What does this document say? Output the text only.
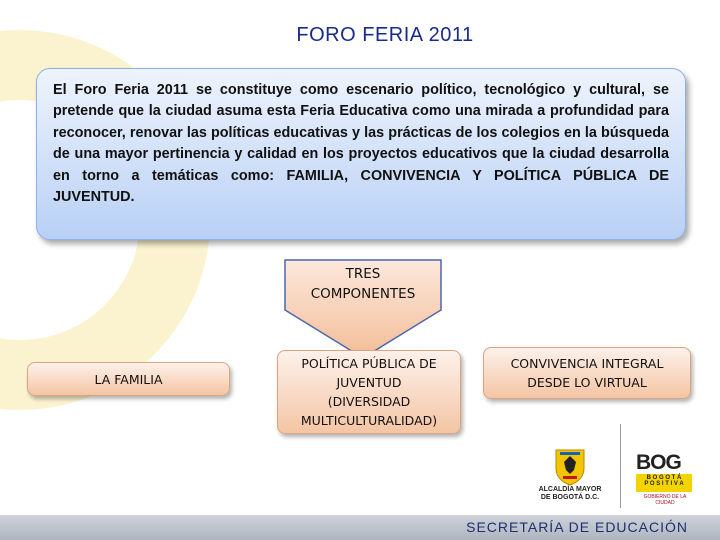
FORO FERIA 2011
El Foro Feria 2011 se constituye como escenario político, tecnológico y cultural, se pretende que la ciudad asuma esta Feria Educativa como una mirada a profundidad para reconocer, renovar las políticas educativas y las prácticas de los colegios en la búsqueda de una mayor pertinencia y calidad en los proyectos educativos que la ciudad desarrolla en torno a temáticas como: FAMILIA, CONVIVENCIA Y POLÍTICA PÚBLICA DE JUVENTUD.
TRES
COMPONENTES
LA FAMILIA
POLÍTICA PÚBLICA DE
JUVENTUD
(DIVERSIDAD
MULTICULTURALIDAD)
CONVIVENCIA INTEGRAL
DESDE LO VIRTUAL
ALCALDÍA MAYOR
DE BOGOTÁ D.C.
BOG
B O G O T Á
P O S I T I V A
GOBIERNO DE LA CIUDAD
SECRETARÍA DE EDUCACIÓN
